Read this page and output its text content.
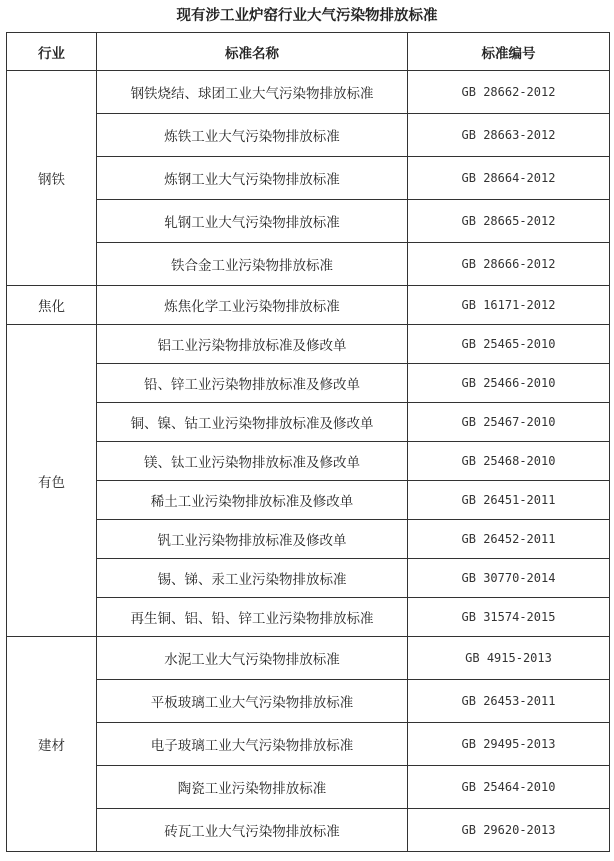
现有涉工业炉窑行业大气污染物排放标准
行业	标准名称	标准编号
钢铁	钢铁烧结、球团工业大气污染物排放标准	GB 28662-2012
	炼铁工业大气污染物排放标准	GB 28663-2012
	炼钢工业大气污染物排放标准	GB 28664-2012
	轧钢工业大气污染物排放标准	GB 28665-2012
	铁合金工业污染物排放标准	GB 28666-2012
焦化	炼焦化学工业污染物排放标准	GB 16171-2012
有色	铝工业污染物排放标准及修改单	GB 25465-2010
	铅、锌工业污染物排放标准及修改单	GB 25466-2010
	铜、镍、钴工业污染物排放标准及修改单	GB 25467-2010
	镁、钛工业污染物排放标准及修改单	GB 25468-2010
	稀土工业污染物排放标准及修改单	GB 26451-2011
	钒工业污染物排放标准及修改单	GB 26452-2011
	锡、锑、汞工业污染物排放标准	GB 30770-2014
	再生铜、铝、铅、锌工业污染物排放标准	GB 31574-2015
建材	水泥工业大气污染物排放标准	GB 4915-2013
	平板玻璃工业大气污染物排放标准	GB 26453-2011
	电子玻璃工业大气污染物排放标准	GB 29495-2013
	陶瓷工业污染物排放标准	GB 25464-2010
	砖瓦工业大气污染物排放标准	GB 29620-2013
